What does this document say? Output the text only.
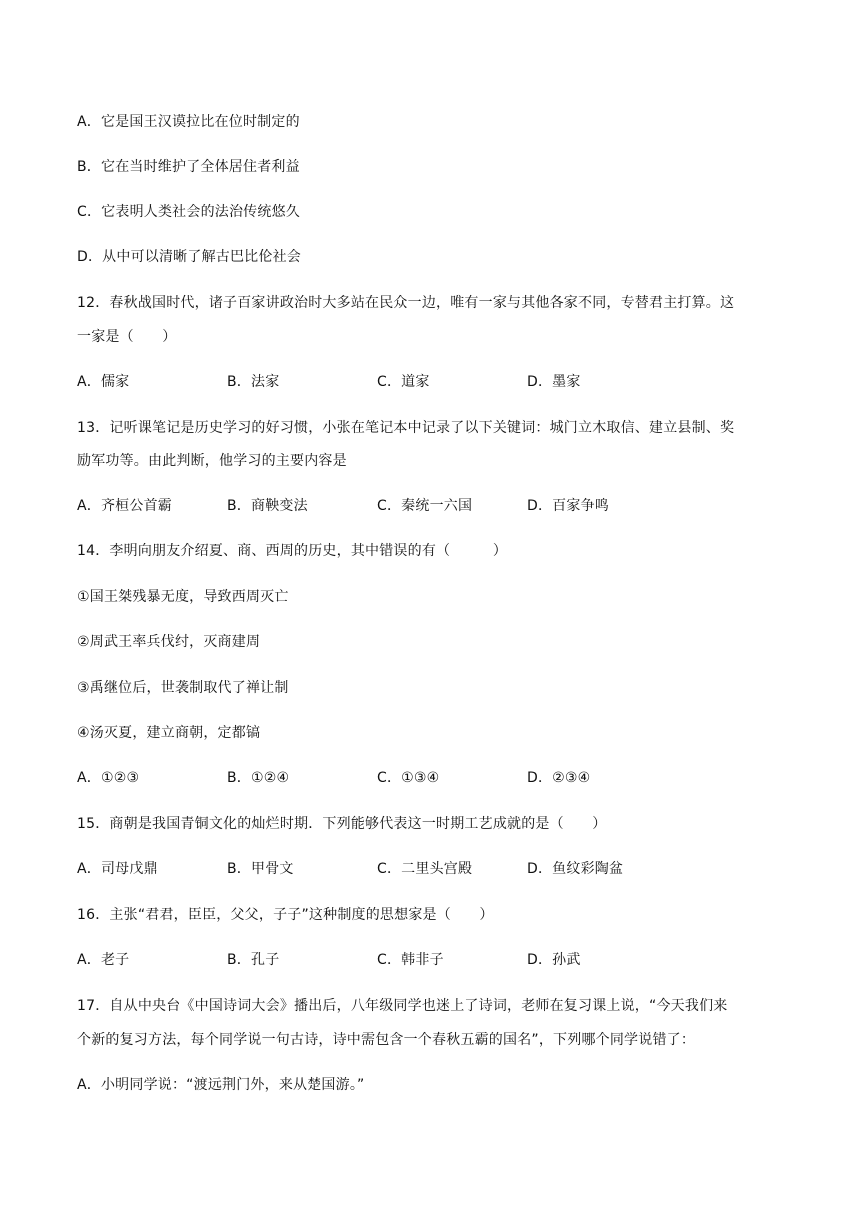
A．它是国王汉谟拉比在位时制定的
B．它在当时维护了全体居住者利益
C．它表明人类社会的法治传统悠久
D．从中可以清晰了解古巴比伦社会
12．春秋战国时代，诸子百家讲政治时大多站在民众一边，唯有一家与其他各家不同，专替君主打算。这
一家是（　　）
A．儒家	B．法家	C．道家	D．墨家
13．记听课笔记是历史学习的好习惯，小张在笔记本中记录了以下关键词：城门立木取信、建立县制、奖
励军功等。由此判断，他学习的主要内容是
A．齐桓公首霸	B．商鞅变法	C．秦统一六国	D．百家争鸣
14．李明向朋友介绍夏、商、西周的历史，其中错误的有（　　　）
①国王桀残暴无度，导致西周灭亡
②周武王率兵伐纣，灭商建周
③禹继位后，世袭制取代了禅让制
④汤灭夏，建立商朝，定都镐
A．①②③	B．①②④	C．①③④	D．②③④
15．商朝是我国青铜文化的灿烂时期．下列能够代表这一时期工艺成就的是（　　）
A．司母戊鼎	B．甲骨文	C．二里头宫殿	D．鱼纹彩陶盆
16．主张“君君，臣臣，父父，子子”这种制度的思想家是（　　）
A．老子	B．孔子	C．韩非子	D．孙武
17．自从中央台《中国诗词大会》播出后，八年级同学也迷上了诗词，老师在复习课上说，“今天我们来
个新的复习方法，每个同学说一句古诗，诗中需包含一个春秋五霸的国名”，下列哪个同学说错了：
A．小明同学说：“渡远荆门外，来从楚国游。”
